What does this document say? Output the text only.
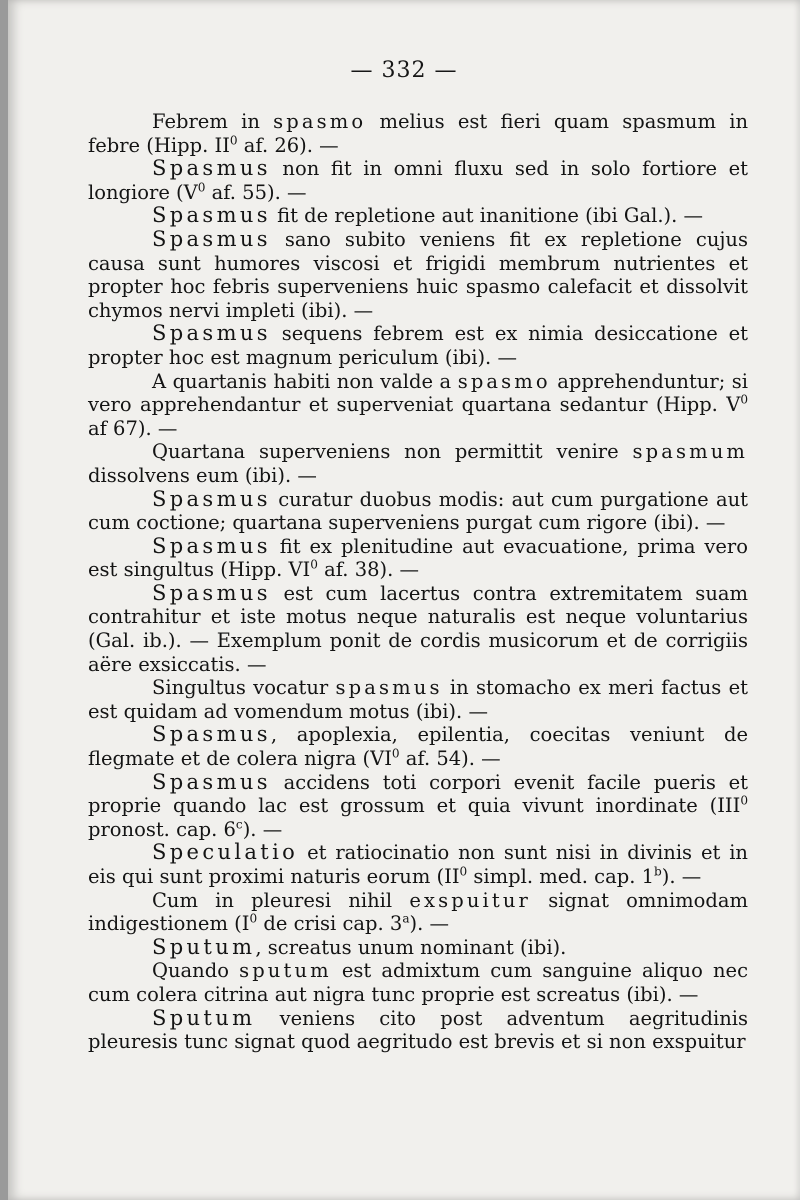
— 332 —

Febrem in spasmo melius est fieri quam spasmum in febre (Hipp. $II^0$ af. 26). —

Spasmus non fit in omni fluxu sed in solo fortiore et longiore ($V^0$ af. 55). —

Spasmus fit de repletione aut inanitione (ibi Gal.). —

Spasmus sano subito veniens fit ex repletione cujus causa sunt humores viscosi et frigidi membrum nutrientes et propter hoc febris superveniens huic spasmo calefacit et dissolvit chymos nervi impleti (ibi). —

Spasmus sequens febrem est ex nimia desiccatione et propter hoc est magnum periculum (ibi). —

A quartanis habiti non valde a spasmo apprehenduntur; si vero apprehendantur et superveniat quartana sedantur (Hipp. $V^0$ af 67). —

Quartana superveniens non permittit venire spasmum dissolvens eum (ibi). —

Spasmus curatur duobus modis: aut cum purgatione aut cum coctione; quartana superveniens purgat cum rigore (ibi). —

Spasmus fit ex plenitudine aut evacuatione, prima vero est singultus (Hipp. $VI^0$ af. 38). —

Spasmus est cum lacertus contra extremitatem suam contrahitur et iste motus neque naturalis est neque voluntarius (Gal. ib.). — Exemplum ponit de cordis musicorum et de corrigiis aëre exsiccatis. —

Singultus vocatur spasmus in stomacho ex meri factus et est quidam ad vomendum motus (ibi). —

Spasmus, apoplexia, epilentia, coecitas veniunt de flegmate et de colera nigra ($VI^0$ af. 54). —

Spasmus accidens toti corpori evenit facile pueris et proprie quando lac est grossum et quia vivunt inordinate (III$^0$ pronost. cap. 6$^c$). —

Speculatio et ratiocinatio non sunt nisi in divinis et in eis qui sunt proximi naturis eorum ($II^0$ simpl. med. cap. 1$^b$). —

Cum in pleuresi nihil exspuitur signat omnimodam indigestionem ($I^0$ de crisi cap. 3$^a$). —

Sputum, screatus unum nominant (ibi).

Quando sputum est admixtum cum sanguine aliquo nec cum colera citrina aut nigra tunc proprie est screatus (ibi). —

Sputum veniens cito post adventum aegritudinis pleuresis tunc signat quod aegritudo est brevis et si non exspuitur
